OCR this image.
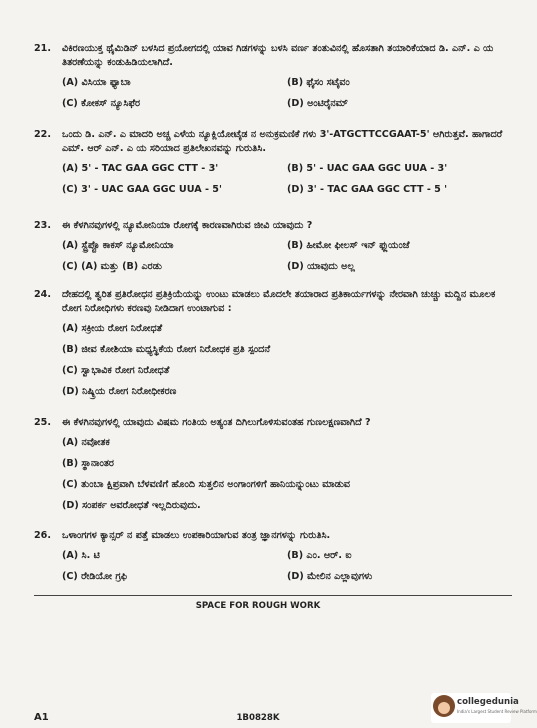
21. ವಿಕಿರಣಯುಕ್ತ ಥೈಮಿಡಿನ್ ಬಳಸಿದ ಪ್ರಯೋಗದಲ್ಲಿ ಯಾವ ಗಿಡಗಳನ್ನು ಬಳಸಿ ವರ್ಣ ತಂತುವಿನಲ್ಲಿ ಹೊಸತಾಗಿ ತಯಾರಿಕೆಯಾದ ಡಿ. ಎನ್. ಎ ಯ ತಿತರಣೆಯನ್ನು ಕಂಡುಹಿಡಿಯಲಾಗಿದೆ.
(A) ವಿಸಿಯಾ ಫ್ಯಾಬಾ	(B) ಫೈಸಂ ಸಟೈವಂ
(C) ಕೋಕಸ್ ನ್ಯೂಸಿಫೆರ	(D) ಅಂಟಿರೈನಮ್
22. ಒಂದು ಡಿ. ಎನ್. ಎ ಮಾದರಿ ಅಚ್ಚ ಎಳೆಯ ನ್ಯೂಕ್ಲಿಯೋಟೈಡ ನ ಅನುಕ್ರಮಣಿಕೆ ಗಳು 3'-ATGCTTCCGAAT-5' ಆಗಿರುತ್ತವೆ. ಹಾಗಾದರೆ ಎಮ್. ಆರ್ ಎನ್. ಎ ಯ ಸರಿಯಾದ ಪ್ರತಿಲೇಖನವನ್ನು ಗುರುತಿಸಿ.
(A) 5' - TAC GAA GGC CTT - 3'	(B) 5' - UAC GAA GGC UUA - 3'
(C) 3' - UAC GAA GGC UUA - 5'	(D) 3' - TAC GAA GGC CTT - 5 '
23. ಈ ಕೆಳಗಿನವುಗಳಲ್ಲಿ ನ್ಯೂಮೋನಿಯಾ ರೋಗಕ್ಕೆ ಕಾರಣವಾಗಿರುವ ಜೀವಿ ಯಾವುದು ?
(A) ಸ್ಟ್ರೆಪ್ಟೊ ಕಾಕಸ್ ನ್ಯೂಮೋನಿಯಾ	(B) ಹೀಮೋ ಫೀಲಸ್ ಇನ್ ಫ್ಲುಯಂಜೆ
(C) (A) ಮತ್ತು (B) ಎರಡು	(D) ಯಾವುದು ಅಲ್ಲ
24. ದೇಹದಲ್ಲಿ ತ್ವರಿತ ಪ್ರತಿರೋಧನ ಪ್ರತಿಕ್ರಿಯೆಯನ್ನು ಉಂಟು ಮಾಡಲು ಮೊದಲೇ ತಯಾರಾದ ಪ್ರತಿಕಾರ್ಯಗಳನ್ನು ನೇರವಾಗಿ ಚುಚ್ಚು ಮದ್ದಿನ ಮೂಲಕ ರೋಗ ನಿರೋಧಿಗಳು ಕರಣವು ನೀಡಿದಾಗ ಉಂಟಾಗುವ :
(A) ಸಕ್ರೀಯ ರೋಗ ನಿರೋಧತೆ
(B) ಜೀವ ಕೋಶಿಯಾ ಮಧ್ಯಸ್ಥಿಕೆಯ ರೋಗ ನಿರೋಧಕ ಪ್ರತಿ ಸ್ಪಂದನೆ
(C) ಸ್ವಾಭಾವಿಕ ರೋಗ ನಿರೋಧತೆ
(D) ನಿಷ್ಕ್ರಿಯ ರೋಗ ನಿರೋಧೀಕರಣ
25. ಈ ಕೆಳಗಿನವುಗಳಲ್ಲಿ ಯಾವುದು ವಿಷಮ ಗಂತಿಯ ಅತ್ಯಂತ ದಿಗಿಲುಗೊಳಿಸುವಂತಹ ಗುಣಲಕ್ಷಣವಾಗಿದೆ ?
(A) ನವೋತಕ
(B) ಸ್ಥಾನಾಂತರ
(C) ತುಂಬಾ ಕ್ಷಿಪ್ರವಾಗಿ ಬೆಳವಣಿಗೆ ಹೊಂದಿ ಸುತ್ತಲಿನ ಅಂಗಾಂಗಳಿಗೆ ಹಾನಿಯನ್ನುಂಟು ಮಾಡುವ
(D) ಸಂಪರ್ಕ ಅವರೋಧತೆ ಇಲ್ಲದಿರುವುದು.
26. ಒಳಾಂಗಗಳ ಕ್ಯಾನ್ಸರ್ ನ ಪತ್ತೆ ಮಾಡಲು ಉಪಕಾರಿಯಾಗುವ ತಂತ್ರ ಜ್ಞಾನಗಳನ್ನು ಗುರುತಿಸಿ.
(A) ಸಿ. ಟಿ	(B) ಎಂ. ಆರ್. ಐ
(C) ರೇಡಿಯೋ ಗ್ರಫಿ	(D) ಮೇಲಿನ ಎಲ್ಲಾವುಗಳು
SPACE FOR ROUGH WORK
A1	1B0828K
collegedunia
India's Largest Student Review Platform
